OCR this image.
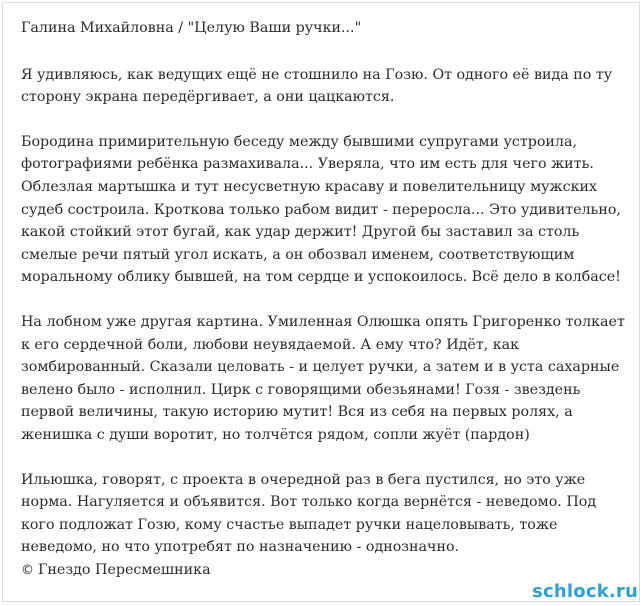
Галина Михайловна / "Целую Ваши ручки..."
Я удивляюсь, как ведущих ещё не стошнило на Гозю. От одного её вида по ту
сторону экрана передёргивает, а они цацкаются.
Бородина примирительную беседу между бывшими супругами устроила,
фотографиями ребёнка размахивала... Уверяла, что им есть для чего жить.
Облезлая мартышка и тут несусветную красаву и повелительницу мужских
судеб состроила. Кроткова только рабом видит - переросла... Это удивительно,
какой стойкий этот бугай, как удар держит! Другой бы заставил за столь
смелые речи пятый угол искать, а он обозвал именем, соответствующим
моральному облику бывшей, на том сердце и успокоилось. Всё дело в колбасе!
На лобном уже другая картина. Умиленная Олюшка опять Григоренко толкает
к его сердечной боли, любови неувядаемой. А ему что? Идёт, как
зомбированный. Сказали целовать - и целует ручки, а затем и в уста сахарные
велено было - исполнил. Цирк с говорящими обезьянами! Гозя - звездень
первой величины, такую историю мутит! Вся из себя на первых ролях, а
женишка с души воротит, но толчётся рядом, сопли жуёт (пардон)
Ильюшка, говорят, с проекта в очередной раз в бега пустился, но это уже
норма. Нагуляется и объявится. Вот только когда вернётся - неведомо. Под
кого подложат Гозю, кому счастье выпадет ручки нацеловывать, тоже
неведомо, но что употребят по назначению - однозначно.
© Гнездо Пересмешника
schlock.ru
